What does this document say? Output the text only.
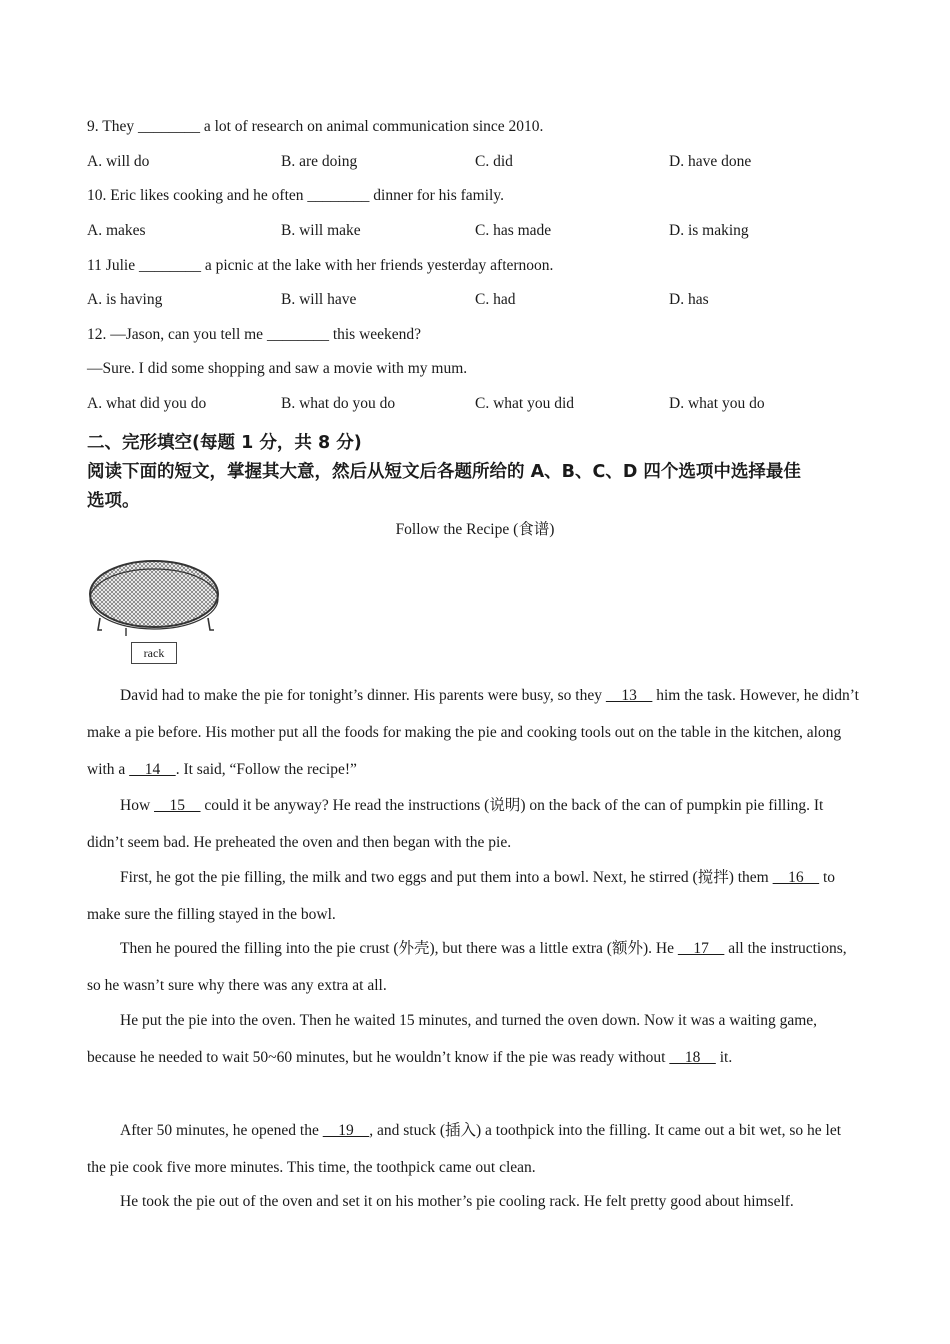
9. They ________ a lot of research on animal communication since 2010.
A. will do	B. are doing	C. did	D. have done
10. Eric likes cooking and he often ________ dinner for his family.
A. makes	B. will make	C. has made	D. is making
11 Julie ________ a picnic at the lake with her friends yesterday afternoon.
A. is having	B. will have	C. had	D. has
12. —Jason, can you tell me ________ this weekend?
—Sure. I did some shopping and saw a movie with my mum.
A. what did you do	B. what do you do	C. what you did	D. what you do
二、完形填空(每题 1 分，共 8 分)
阅读下面的短文，掌握其大意，然后从短文后各题所给的 A、B、C、D 四个选项中选择最佳
选项。
Follow the Recipe (食谱)
rack
David had to make the pie for tonight’s dinner. His parents were busy, so they     13     him the task. However, he didn’t make a pie before. His mother put all the foods for making the pie and cooking tools out on the table in the kitchen, along with a     14    . It said, “Follow the recipe!”
How     15     could it be anyway? He read the instructions (说明) on the back of the can of pumpkin pie filling. It didn’t seem bad. He preheated the oven and then began with the pie.
First, he got the pie filling, the milk and two eggs and put them into a bowl. Next, he stirred (搅拌) them     16     to make sure the filling stayed in the bowl.
Then he poured the filling into the pie crust (外壳), but there was a little extra (额外). He     17     all the instructions, so he wasn’t sure why there was any extra at all.
He put the pie into the oven. Then he waited 15 minutes, and turned the oven down. Now it was a waiting game, because he needed to wait 50~60 minutes, but he wouldn’t know if the pie was ready without     18     it.
After 50 minutes, he opened the     19    , and stuck (插入) a toothpick into the filling. It came out a bit wet, so he let the pie cook five more minutes. This time, the toothpick came out clean.
He took the pie out of the oven and set it on his mother’s pie cooling rack. He felt pretty good about himself.
